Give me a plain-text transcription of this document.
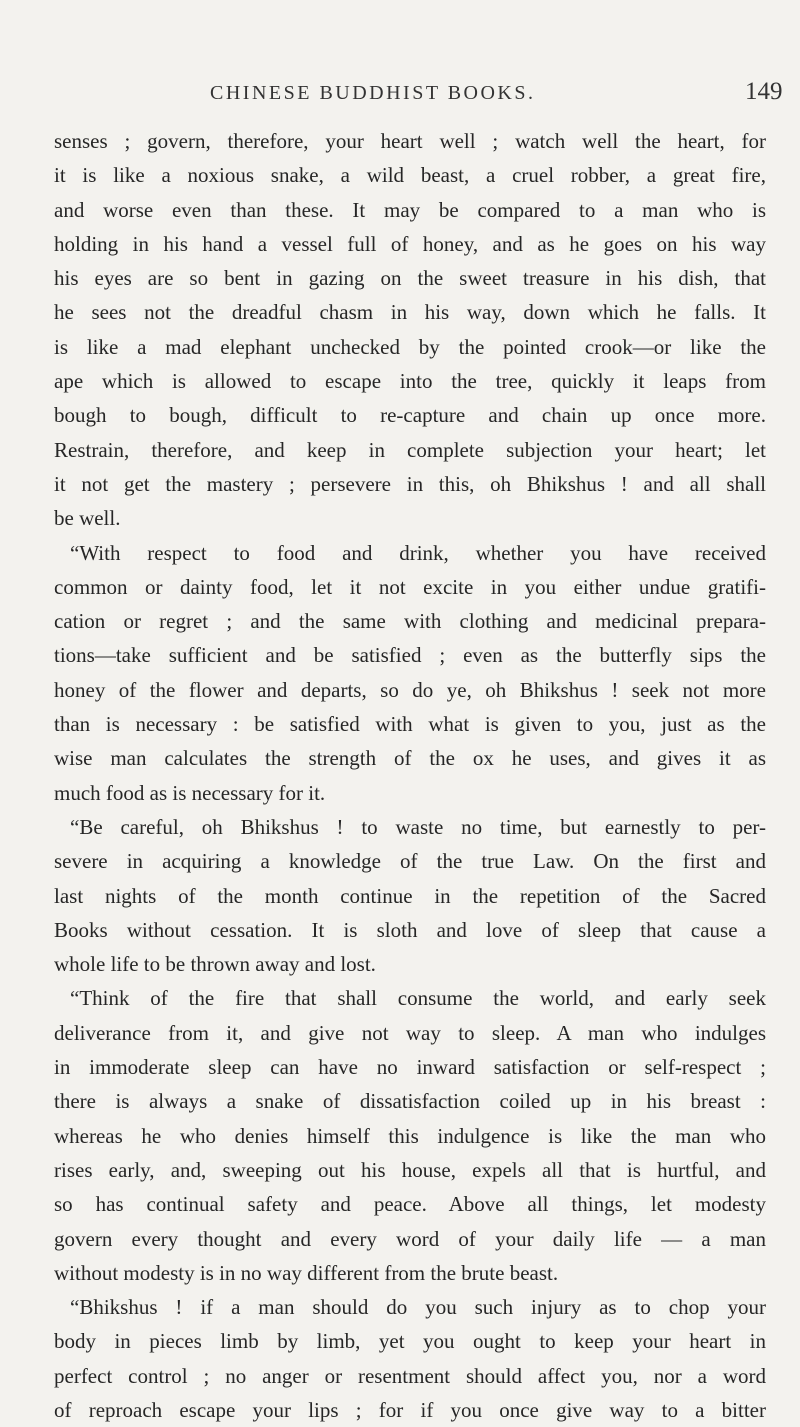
CHINESE BUDDHIST BOOKS.	149
senses ; govern, therefore, your heart well ; watch well the heart, for
it is like a noxious snake, a wild beast, a cruel robber, a great fire,
and worse even than these. It may be compared to a man who is
holding in his hand a vessel full of honey, and as he goes on his way
his eyes are so bent in gazing on the sweet treasure in his dish, that
he sees not the dreadful chasm in his way, down which he falls. It
is like a mad elephant unchecked by the pointed crook—or like the
ape which is allowed to escape into the tree, quickly it leaps from
bough to bough, difficult to re-capture and chain up once more.
Restrain, therefore, and keep in complete subjection your heart; let
it not get the mastery ; persevere in this, oh Bhikshus ! and all shall
be well.
“With respect to food and drink, whether you have received
common or dainty food, let it not excite in you either undue gratifi-
cation or regret ; and the same with clothing and medicinal prepara-
tions—take sufficient and be satisfied ; even as the butterfly sips the
honey of the flower and departs, so do ye, oh Bhikshus ! seek not more
than is necessary : be satisfied with what is given to you, just as the
wise man calculates the strength of the ox he uses, and gives it as
much food as is necessary for it.
“Be careful, oh Bhikshus ! to waste no time, but earnestly to per-
severe in acquiring a knowledge of the true Law. On the first and
last nights of the month continue in the repetition of the Sacred
Books without cessation. It is sloth and love of sleep that cause a
whole life to be thrown away and lost.
“Think of the fire that shall consume the world, and early seek
deliverance from it, and give not way to sleep. A man who indulges
in immoderate sleep can have no inward satisfaction or self-respect ;
there is always a snake of dissatisfaction coiled up in his breast :
whereas he who denies himself this indulgence is like the man who
rises early, and, sweeping out his house, expels all that is hurtful, and
so has continual safety and peace. Above all things, let modesty
govern every thought and every word of your daily life — a man
without modesty is in no way different from the brute beast.
“Bhikshus ! if a man should do you such injury as to chop your
body in pieces limb by limb, yet you ought to keep your heart in
perfect control ; no anger or resentment should affect you, nor a word
of reproach escape your lips ; for if you once give way to a bitter
